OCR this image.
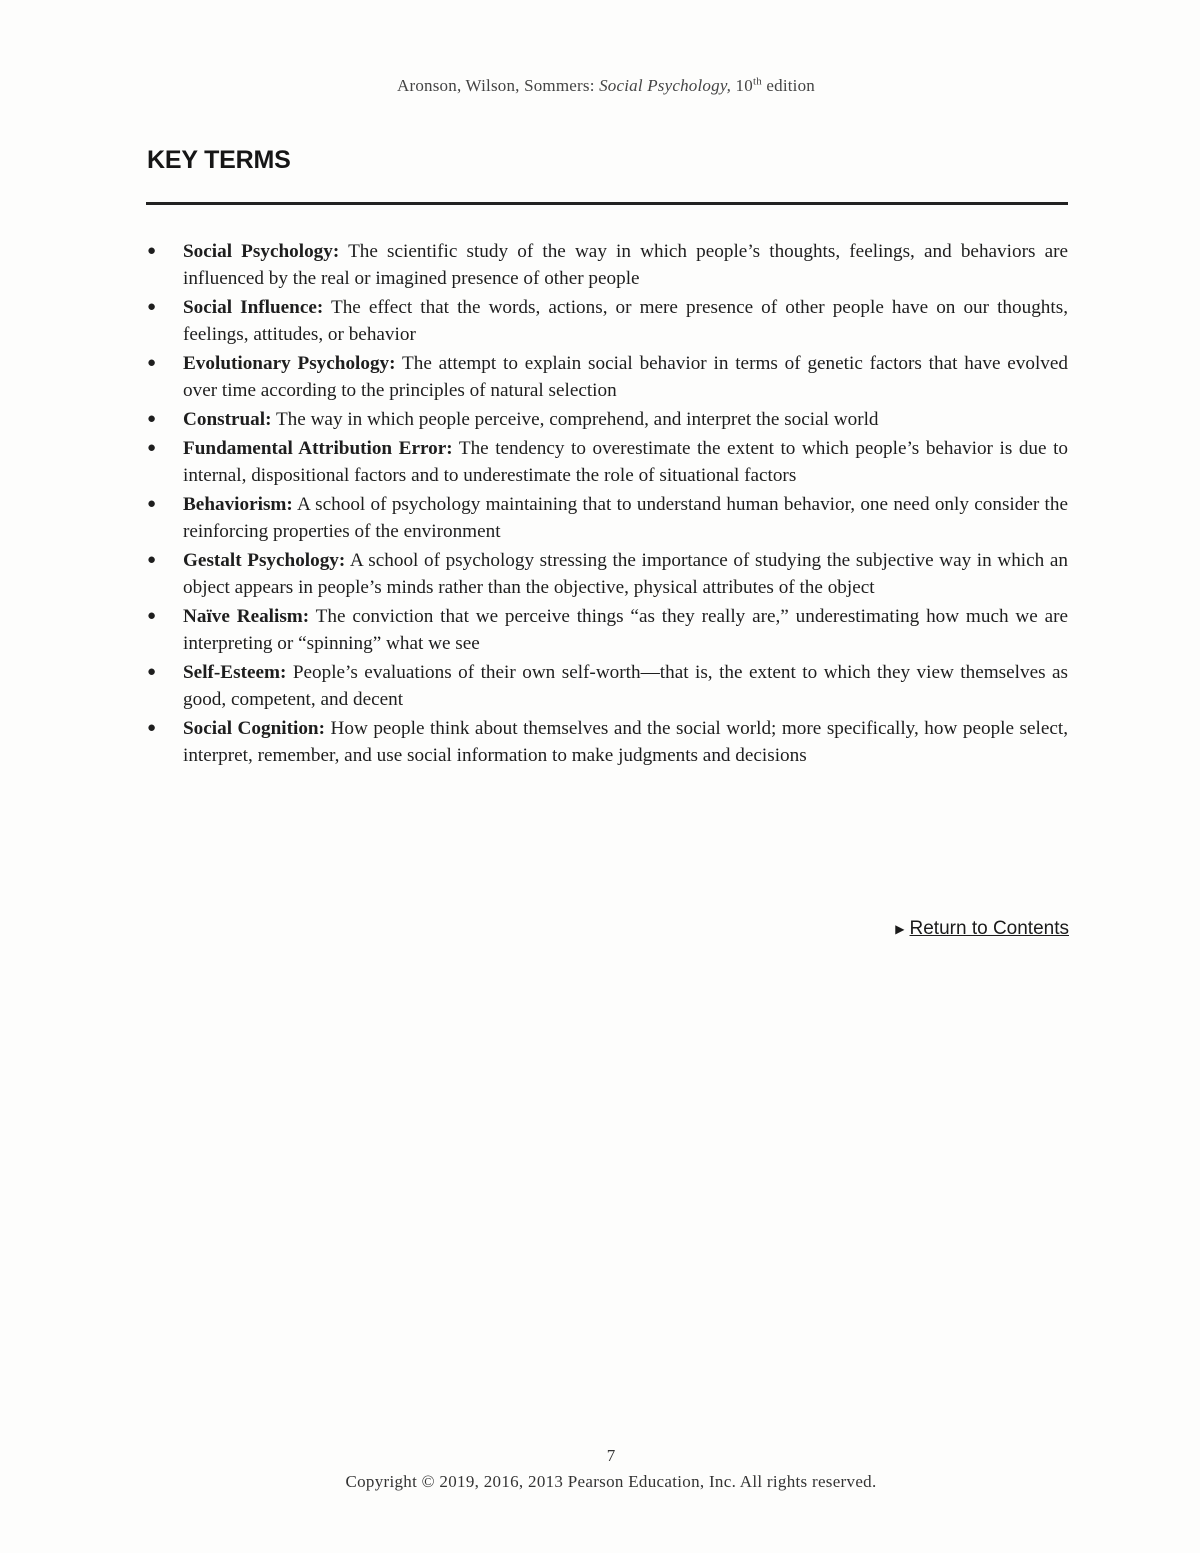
Aronson, Wilson, Sommers: Social Psychology, 10th edition
KEY TERMS
● Social Psychology: The scientific study of the way in which people’s thoughts, feelings, and behaviors are influenced by the real or imagined presence of other people
● Social Influence: The effect that the words, actions, or mere presence of other people have on our thoughts, feelings, attitudes, or behavior
● Evolutionary Psychology: The attempt to explain social behavior in terms of genetic factors that have evolved over time according to the principles of natural selection
● Construal: The way in which people perceive, comprehend, and interpret the social world
● Fundamental Attribution Error: The tendency to overestimate the extent to which people’s behavior is due to internal, dispositional factors and to underestimate the role of situational factors
● Behaviorism: A school of psychology maintaining that to understand human behavior, one need only consider the reinforcing properties of the environment
● Gestalt Psychology: A school of psychology stressing the importance of studying the subjective way in which an object appears in people’s minds rather than the objective, physical attributes of the object
● Naïve Realism: The conviction that we perceive things “as they really are,” underestimating how much we are interpreting or “spinning” what we see
● Self-Esteem: People’s evaluations of their own self-worth—that is, the extent to which they view themselves as good, competent, and decent
● Social Cognition: How people think about themselves and the social world; more specifically, how people select, interpret, remember, and use social information to make judgments and decisions
▶ Return to Contents
7
Copyright © 2019, 2016, 2013 Pearson Education, Inc. All rights reserved.
